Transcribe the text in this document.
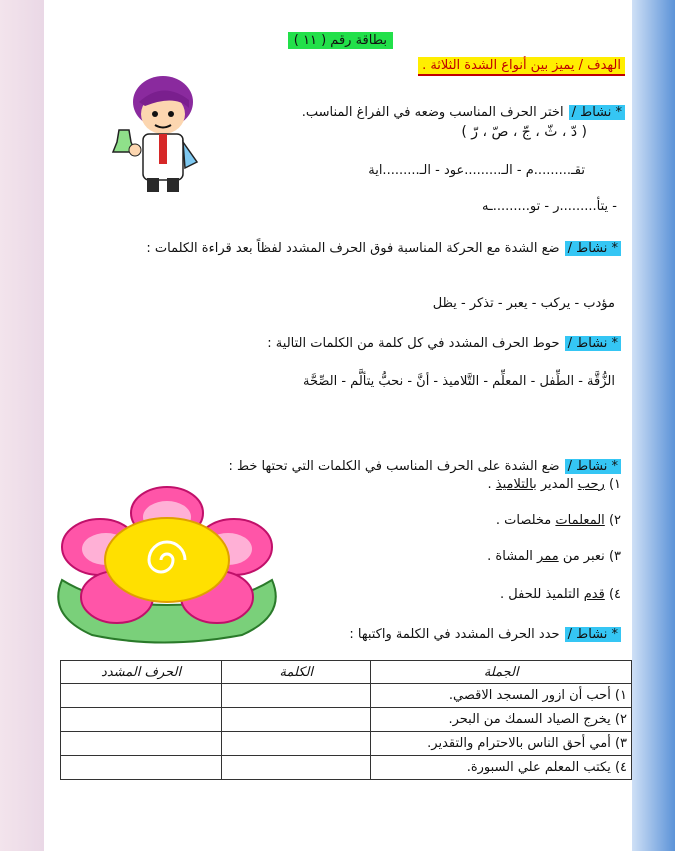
بطاقة رقم ( ١١ )
الهدف / يميز بين أنواع الشدة الثلاثة .
* نشاط / اختر الحرف المناسب وضعه في الفراغ المناسب.
( دّ ، ثّ ، جّ ، صّ ، رّ )
تقـ.........م - الـ.........عود - الـ.........اية
- يتأ.........ر - تو.........ـه
* نشاط / ضع الشدة مع الحركة المناسبة فوق الحرف المشدد لفظاً بعد قراءة الكلمات :
مؤدب - يركب - يعبر - تذكر - يظل
* نشاط / حوط الحرف المشدد في كل كلمة من الكلمات التالية :
الزُّقَّة - الطِّفل - المعلِّم - التَّلاميذ - أنَّ - نحبُّ يتألَّم - الصِّحَّة
* نشاط / ضع الشدة على الحرف المناسب في الكلمات التي تحتها خط :
١) رحب المدير بالتلاميذ .
٢) المعلمات مخلصات .
٣) نعبر من ممر المشاة .
٤) قدم التلميذ للحفل .
* نشاط / حدد الحرف المشدد في الكلمة واكتبها :
الجملة	الكلمة	الحرف المشدد
١) أحب أن ازور المسجد الاقصي.		
٢) يخرج الصياد السمك من البحر.		
٣) أمي أحق الناس بالاحترام والتقدير.		
٤) يكتب المعلم علي السبورة.		
